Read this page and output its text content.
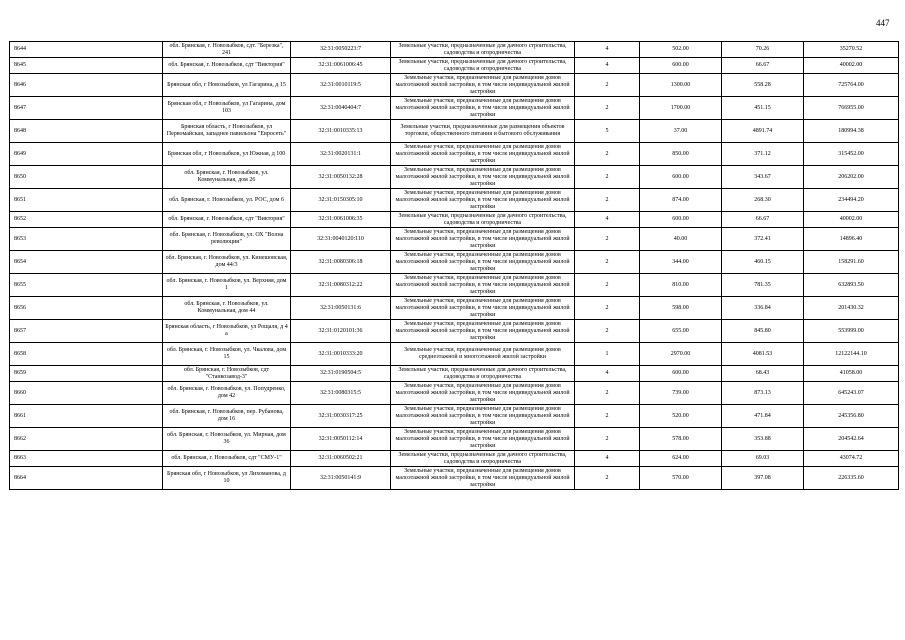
447
8644	обл. Брянская, г. Новозыбков, сдт. "Березка", 241	32:31:0050223:7	Земельные участки, предназначенные для дачного строительства, садоводства и огородничества	4	502.00	70.26	35270.52
8645	обл. Брянская, г. Новозыбков, сдт "Виктория"	32:31:0061006:45	Земельные участки, предназначенные для дачного строительства, садоводства и огородничества	4	600.00	66.67	40002.00
8646	Брянская обл, г Новозыбков, ул Гагарина, д 15	32:31:0010119:5	Земельные участки, предназначенные для размещения домов малоэтажной жилой застройки, в том числе индивидуальной жилой застройки	2	1300.00	558.28	725764.00
8647	Брянская обл, г Новозыбков, ул Гагарина, дом 103	32:31:0040404:7	Земельные участки, предназначенные для размещения домов малоэтажной жилой застройки, в том числе индивидуальной жилой застройки	2	1700.00	451.15	766955.00
8648	Брянская область, г Новозыбков, ул Первомайская, западнее павильона "Евросеть"	32:31:0010335:13	Земельные участки, предназначенные для размещения объектов торговли, общественного питания и бытового обслуживания	5	37.00	4891.74	180994.38
8649	Брянская обл, г Новозыбков, ул Южная, д 100	32:31:0020131:1	Земельные участки, предназначенные для размещения домов малоэтажной жилой застройки, в том числе индивидуальной жилой застройки	2	850.00	371.12	315452.00
8650	обл. Брянская, г. Новозыбков, ул. Коммунальная, дом 26	32:31:0050132:28	Земельные участки, предназначенные для размещения домов малоэтажной жилой застройки, в том числе индивидуальной жилой застройки	2	600.00	343.67	206202.00
8651	обл. Брянская, г. Новозыбков, ул. РОС, дом 6	32:31:0150305:10	Земельные участки, предназначенные для размещения домов малоэтажной жилой застройки, в том числе индивидуальной жилой застройки	2	874.00	268.30	234494.20
8652	обл. Брянская, г. Новозыбков, сдт "Виктория"	32:31:0061006:35	Земельные участки, предназначенные для дачного строительства, садоводства и огородничества	4	600.00	66.67	40002.00
8653	обл. Брянская, г. Новозыбков, ул. ОХ "Волна революции"	32:31:0040120:110	Земельные участки, предназначенные для размещения домов малоэтажной жилой застройки, в том числе индивидуальной жилой застройки	2	40.00	372.41	14896.40
8654	обл. Брянская, г. Новозыбков, ул. Кинешовская, дом 44/3	32:31:0080306:18	Земельные участки, предназначенные для размещения домов малоэтажной жилой застройки, в том числе индивидуальной жилой застройки	2	344.00	460.15	158291.60
8655	обл. Брянская, г. Новозыбков, ул. Верхняя, дом 1	32:31:0080312:22	Земельные участки, предназначенные для размещения домов малоэтажной жилой застройки, в том числе индивидуальной жилой застройки	2	810.00	781.35	632893.50
8656	обл. Брянская, г. Новозыбков, ул. Коммунальная, дом 44	32:31:0050131:6	Земельные участки, предназначенные для размещения домов малоэтажной жилой застройки, в том числе индивидуальной жилой застройки	2	598.00	336.84	201430.32
8657	Брянская область, г Новозыбков, ул Рощаля, д 4 а	32:31:0120101:36	Земельные участки, предназначенные для размещения домов малоэтажной жилой застройки, в том числе индивидуальной жилой застройки	2	655.00	845.80	553999.00
8658	обл. Брянская, г. Новозыбков, ул. Чкалова, дом 15	32:31:0010333:20	Земельные участки, предназначенные для размещения домов среднеэтажной и многоэтажной жилой застройки	1	2970.00	4081.53	12122144.10
8659	обл. Брянская, г. Новозыбков, сдт "Станкозавод-3"	32:31:0190504:5	Земельные участки, предназначенные для дачного строительства, садоводства и огородничества	4	600.00	68.43	41058.00
8660	обл. Брянская, г. Новозыбков, ул. Попудренко, дом 42	32:31:0080315:5	Земельные участки, предназначенные для размещения домов малоэтажной жилой застройки, в том числе индивидуальной жилой застройки	2	739.00	873.13	645243.07
8661	обл. Брянская, г. Новозыбков, пер. Рубанова, дом 16	32:31:0030317:25	Земельные участки, предназначенные для размещения домов малоэтажной жилой застройки, в том числе индивидуальной жилой застройки	2	520.00	471.84	245356.80
8662	обл. Брянская, г. Новозыбков, ул. Мирная, дом 36	32:31:0050112:14	Земельные участки, предназначенные для размещения домов малоэтажной жилой застройки, в том числе индивидуальной жилой застройки	2	578.00	353.88	204542.64
8663	обл. Брянская, г. Новозыбков, сдт "СМУ-1"	32:31:0060502:21	Земельные участки, предназначенные для дачного строительства, садоводства и огородничества	4	624.00	69.03	43074.72
8664	Брянская обл, г Новозыбков, ул Лихоманова, д 10	32:31:0050141:9	Земельные участки, предназначенные для размещения домов малоэтажной жилой застройки, в том числе индивидуальной жилой застройки	2	570.00	397.08	226335.60
